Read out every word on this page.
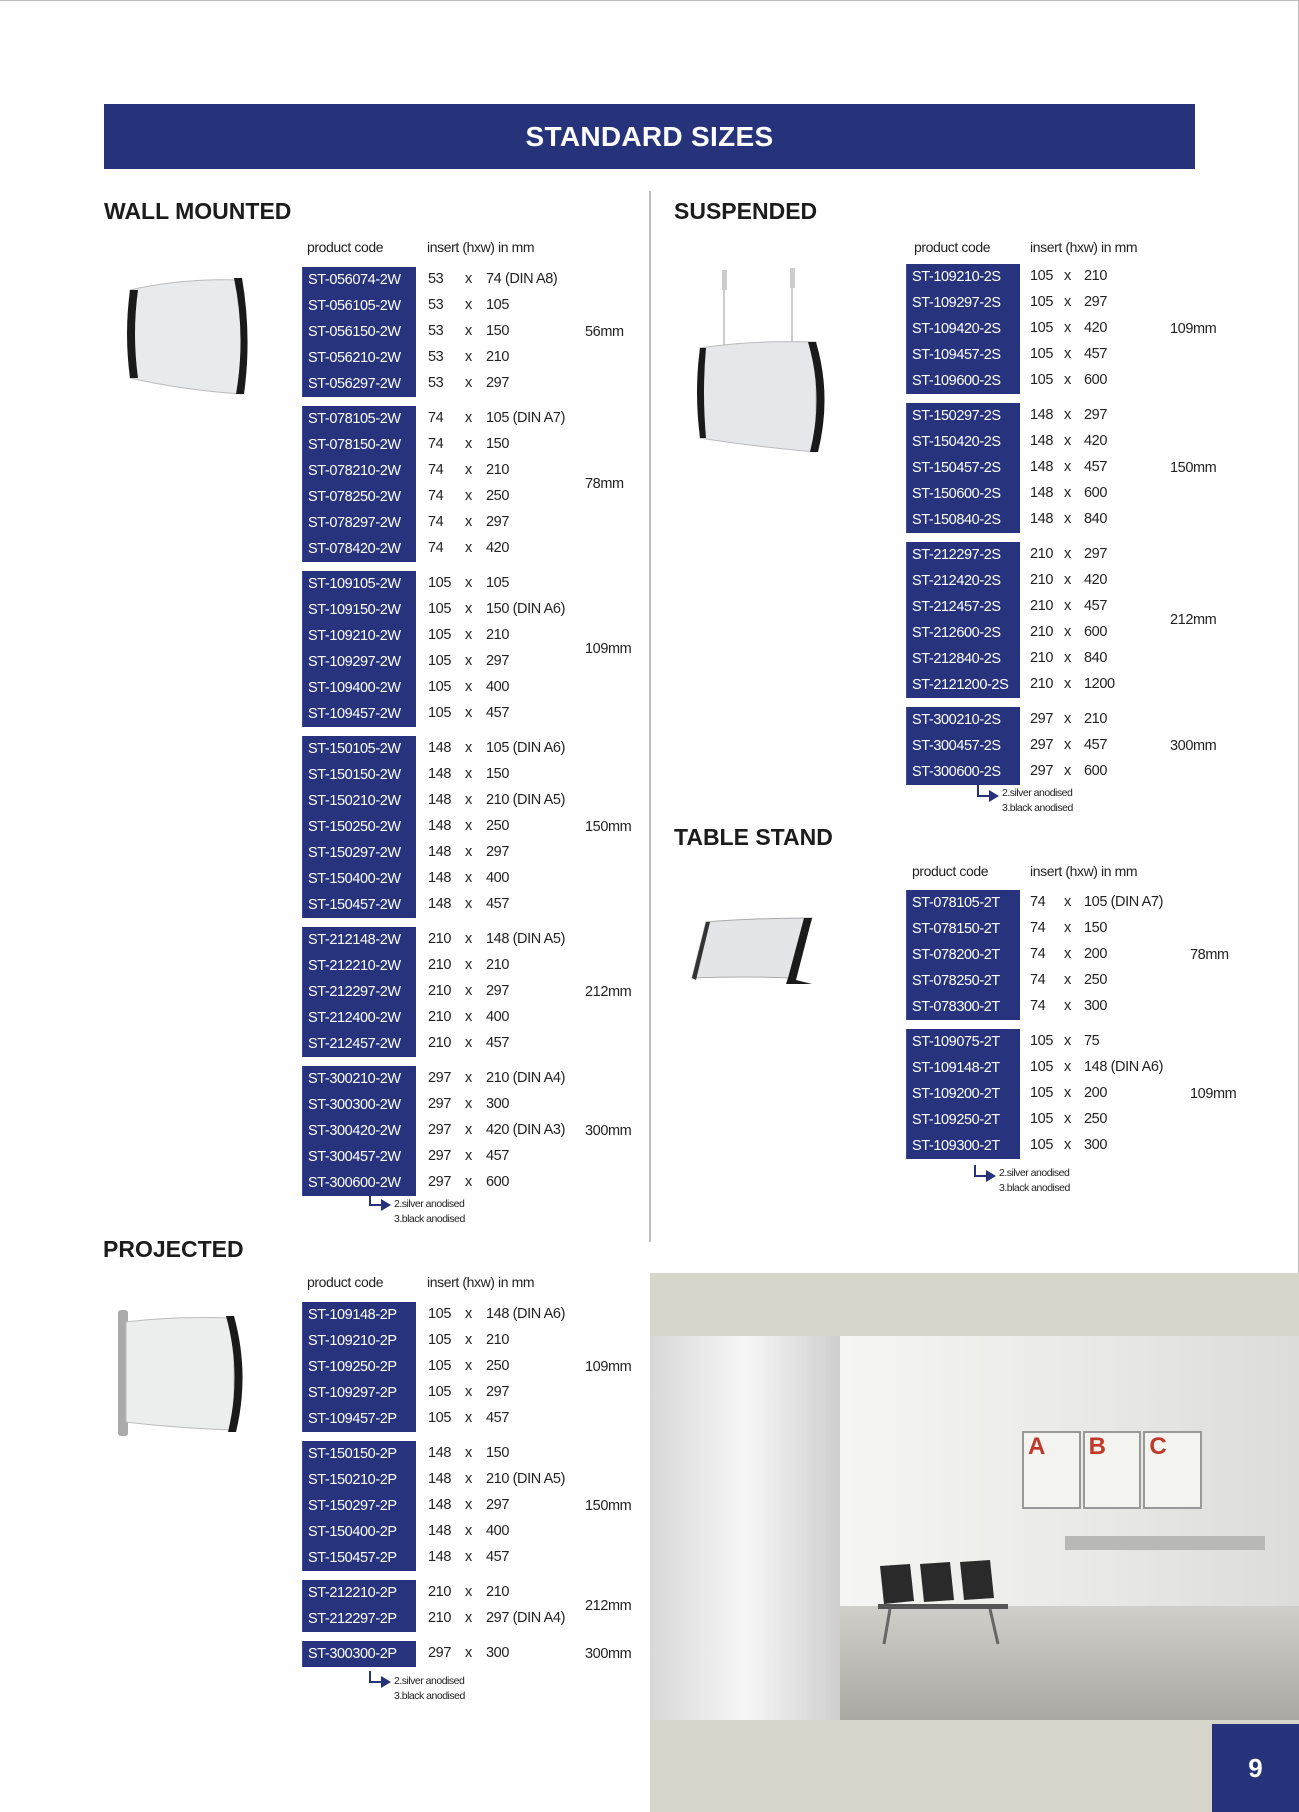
STANDARD SIZES
WALL MOUNTED
product code	insert (hxw) in mm
ST-056074-2W	53 x 74 (DIN A8)
ST-056105-2W	53 x 105
ST-056150-2W	53 x 150
ST-056210-2W	53 x 210
ST-056297-2W	53 x 297
56mm
ST-078105-2W	74 x 105 (DIN A7)
ST-078150-2W	74 x 150
ST-078210-2W	74 x 210
ST-078250-2W	74 x 250
ST-078297-2W	74 x 297
ST-078420-2W	74 x 420
78mm
ST-109105-2W	105 x 105
ST-109150-2W	105 x 150 (DIN A6)
ST-109210-2W	105 x 210
ST-109297-2W	105 x 297
ST-109400-2W	105 x 400
ST-109457-2W	105 x 457
109mm
ST-150105-2W	148 x 105 (DIN A6)
ST-150150-2W	148 x 150
ST-150210-2W	148 x 210 (DIN A5)
ST-150250-2W	148 x 250
ST-150297-2W	148 x 297
ST-150400-2W	148 x 400
ST-150457-2W	148 x 457
150mm
ST-212148-2W	210 x 148 (DIN A5)
ST-212210-2W	210 x 210
ST-212297-2W	210 x 297
ST-212400-2W	210 x 400
ST-212457-2W	210 x 457
212mm
ST-300210-2W	297 x 210 (DIN A4)
ST-300300-2W	297 x 300
ST-300420-2W	297 x 420 (DIN A3)
ST-300457-2W	297 x 457
ST-300600-2W	297 x 600
300mm
2.silver anodised
3.black anodised
SUSPENDED
product code	insert (hxw) in mm
ST-109210-2S	105 x 210
ST-109297-2S	105 x 297
ST-109420-2S	105 x 420
ST-109457-2S	105 x 457
ST-109600-2S	105 x 600
109mm
ST-150297-2S	148 x 297
ST-150420-2S	148 x 420
ST-150457-2S	148 x 457
ST-150600-2S	148 x 600
ST-150840-2S	148 x 840
150mm
ST-212297-2S	210 x 297
ST-212420-2S	210 x 420
ST-212457-2S	210 x 457
ST-212600-2S	210 x 600
ST-212840-2S	210 x 840
ST-2121200-2S	210 x 1200
212mm
ST-300210-2S	297 x 210
ST-300457-2S	297 x 457
ST-300600-2S	297 x 600
300mm
2.silver anodised
3.black anodised
TABLE STAND
product code	insert (hxw) in mm
ST-078105-2T	74 x 105 (DIN A7)
ST-078150-2T	74 x 150
ST-078200-2T	74 x 200
ST-078250-2T	74 x 250
ST-078300-2T	74 x 300
78mm
ST-109075-2T	105 x 75
ST-109148-2T	105 x 148 (DIN A6)
ST-109200-2T	105 x 200
ST-109250-2T	105 x 250
ST-109300-2T	105 x 300
109mm
2.silver anodised
3.black anodised
PROJECTED
product code	insert (hxw) in mm
ST-109148-2P	105 x 148 (DIN A6)
ST-109210-2P	105 x 210
ST-109250-2P	105 x 250
ST-109297-2P	105 x 297
ST-109457-2P	105 x 457
109mm
ST-150150-2P	148 x 150
ST-150210-2P	148 x 210 (DIN A5)
ST-150297-2P	148 x 297
ST-150400-2P	148 x 400
ST-150457-2P	148 x 457
150mm
ST-212210-2P	210 x 210
ST-212297-2P	210 x 297 (DIN A4)
212mm
ST-300300-2P	297 x 300	300mm
2.silver anodised
3.black anodised
A	B	C
9
